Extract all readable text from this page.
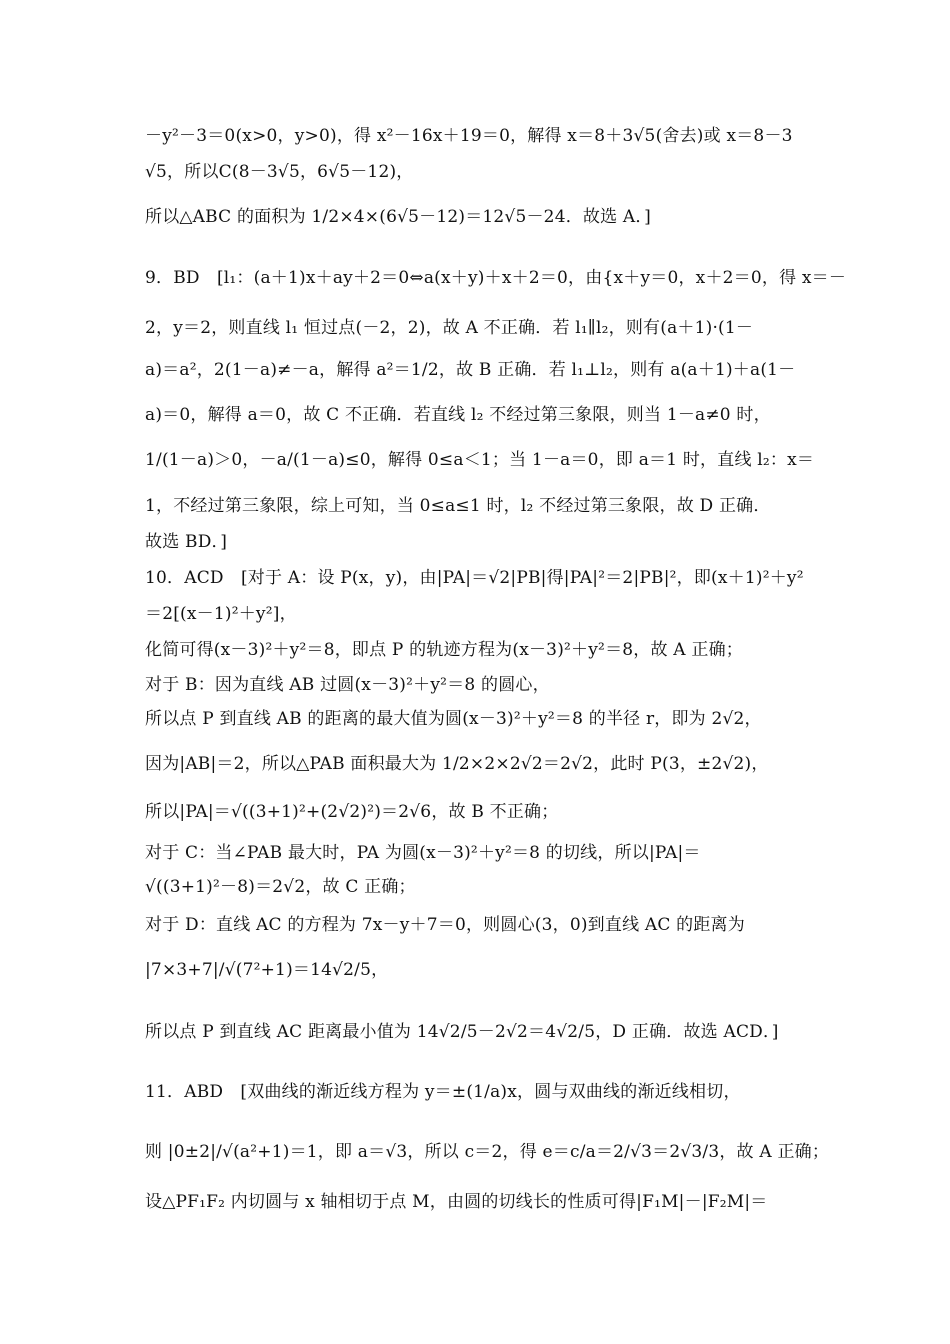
－y²－3＝0(x>0，y>0)，得 x²－16x＋19＝0，解得 x＝8＋3√5(舍去)或 x＝8－3
√5，所以C(8－3√5，6√5－12)，
所以△ABC 的面积为 1/2×4×(6√5－12)＝12√5－24．故选 A．]
9．BD　[l₁：(a＋1)x＋ay＋2＝0⇔a(x＋y)＋x＋2＝0，由{x＋y＝0，x＋2＝0，得 x＝－
2，y＝2，则直线 l₁ 恒过点(－2，2)，故 A 不正确．若 l₁∥l₂，则有(a＋1)·(1－
a)＝a²，2(1－a)≠－a，解得 a²＝1/2，故 B 正确．若 l₁⊥l₂，则有 a(a＋1)＋a(1－
a)＝0，解得 a＝0，故 C 不正确．若直线 l₂ 不经过第三象限，则当 1－a≠0 时，
1/(1－a)＞0，－a/(1－a)≤0，解得 0≤a＜1；当 1－a＝0，即 a＝1 时，直线 l₂：x＝
1，不经过第三象限，综上可知，当 0≤a≤1 时，l₂ 不经过第三象限，故 D 正确．
故选 BD．]
10．ACD　[对于 A：设 P(x，y)，由|PA|＝√2|PB|得|PA|²＝2|PB|²，即(x＋1)²＋y²
＝2[(x－1)²＋y²]，
化简可得(x－3)²＋y²＝8，即点 P 的轨迹方程为(x－3)²＋y²＝8，故 A 正确；
对于 B：因为直线 AB 过圆(x－3)²＋y²＝8 的圆心，
所以点 P 到直线 AB 的距离的最大值为圆(x－3)²＋y²＝8 的半径 r，即为 2√2，
因为|AB|＝2，所以△PAB 面积最大为 1/2×2×2√2＝2√2，此时 P(3，±2√2)，
所以|PA|＝√((3+1)²+(2√2)²)＝2√6，故 B 不正确；
对于 C：当∠PAB 最大时，PA 为圆(x－3)²＋y²＝8 的切线，所以|PA|＝
√((3+1)²－8)＝2√2，故 C 正确；
对于 D：直线 AC 的方程为 7x－y＋7＝0，则圆心(3，0)到直线 AC 的距离为
|7×3+7|/√(7²+1)＝14√2/5，
所以点 P 到直线 AC 距离最小值为 14√2/5－2√2＝4√2/5，D 正确．故选 ACD．]
11．ABD　[双曲线的渐近线方程为 y＝±(1/a)x，圆与双曲线的渐近线相切，
则 |0±2|/√(a²+1)＝1，即 a＝√3，所以 c＝2，得 e＝c/a＝2/√3＝2√3/3，故 A 正确；
设△PF₁F₂ 内切圆与 x 轴相切于点 M，由圆的切线长的性质可得|F₁M|－|F₂M|＝
